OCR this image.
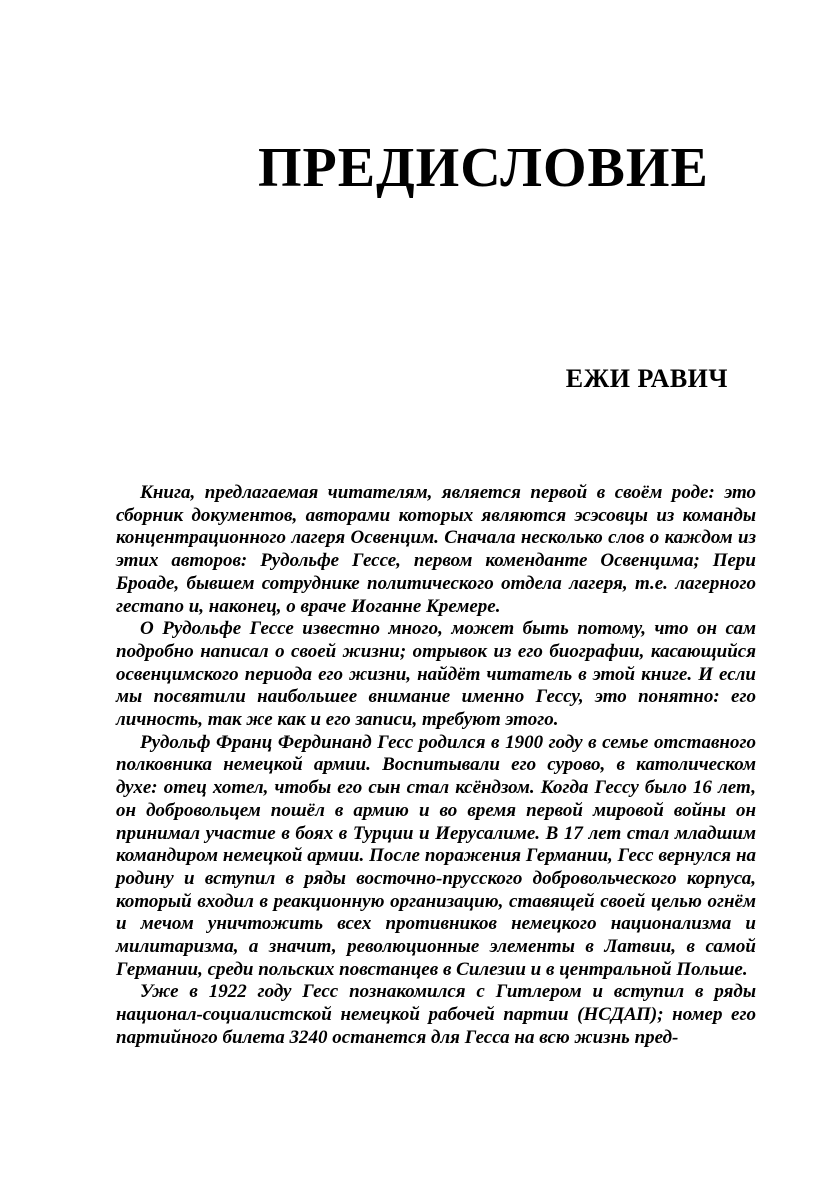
ПРЕДИСЛОВИЕ
ЕЖИ РАВИЧ

Книга, предлагаемая читателям, является первой в своём роде: это сборник документов, авторами которых являются эсэсовцы из команды концентрационного лагеря Освенцим. Сначала несколько слов о каждом из этих авторов: Рудольфе Гессе, первом коменданте Освенцима; Пери Броаде, бывшем сотруднике политического отдела лагеря, т.е. лагерного гестапо и, наконец, о враче Иоганне Кремере.

О Рудольфе Гессе известно много, может быть потому, что он сам подробно написал о своей жизни; отрывок из его биографии, касающийся освенцимского периода его жизни, найдёт читатель в этой книге. И если мы посвятили наибольшее внимание именно Гессу, это понятно: его личность, так же как и его записи, требуют этого.

Рудольф Франц Фердинанд Гесс родился в 1900 году в семье отставного полковника немецкой армии. Воспитывали его сурово, в католическом духе: отец хотел, чтобы его сын стал ксёндзом. Когда Гессу было 16 лет, он добровольцем пошёл в армию и во время первой мировой войны он принимал участие в боях в Турции и Иерусалиме. В 17 лет стал младшим командиром немецкой армии. После поражения Германии, Гесс вернулся на родину и вступил в ряды восточно-прусского добровольческого корпуса, который входил в реакционную организацию, ставящей своей целью огнём и мечом уничтожить всех противников немецкого национализма и милитаризма, а значит, революционные элементы в Латвии, в самой Германии, среди польских повстанцев в Силезии и в центральной Польше.

Уже в 1922 году Гесс познакомился с Гитлером и вступил в ряды национал-социалистской немецкой рабочей партии (НСДАП); номер его партийного билета 3240 останется для Гесса на всю жизнь пред-
